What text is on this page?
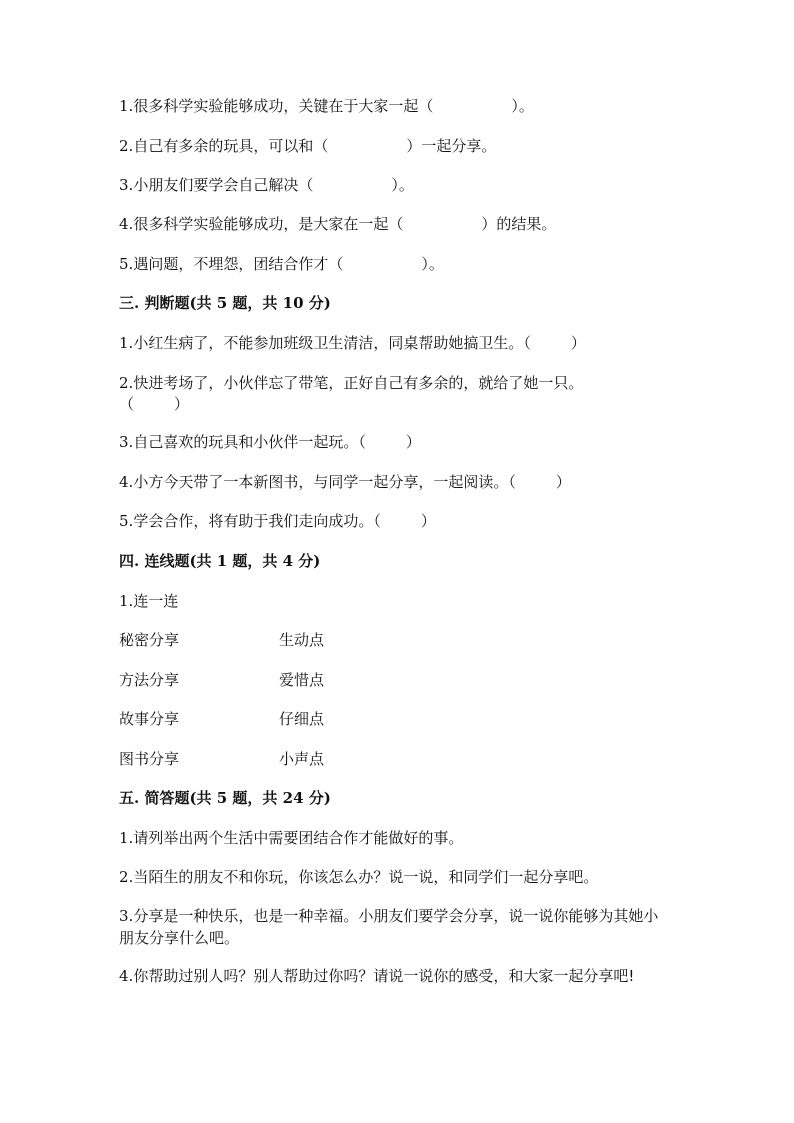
1.很多科学实验能够成功，关键在于大家一起（	）。
2.自己有多余的玩具，可以和（	）一起分享。
3.小朋友们要学会自己解决（	）。
4.很多科学实验能够成功，是大家在一起（	）的结果。
5.遇问题，不埋怨，团结合作才（	）。
三. 判断题(共 5 题，共 10 分)
1.小红生病了，不能参加班级卫生清洁，同桌帮助她搞卫生。（	）
2.快进考场了，小伙伴忘了带笔，正好自己有多余的，就给了她一只。
（	）
3.自己喜欢的玩具和小伙伴一起玩。（	）
4.小方今天带了一本新图书，与同学一起分享，一起阅读。（	）
5.学会合作，将有助于我们走向成功。（	）
四. 连线题(共 1 题，共 4 分)
1.连一连
秘密分享	生动点
方法分享	爱惜点
故事分享	仔细点
图书分享	小声点
五. 简答题(共 5 题，共 24 分)
1.请列举出两个生活中需要团结合作才能做好的事。
2.当陌生的朋友不和你玩，你该怎么办？说一说，和同学们一起分享吧。
3.分享是一种快乐，也是一种幸福。小朋友们要学会分享，说一说你能够为其她小朋友分享什么吧。
4.你帮助过别人吗？别人帮助过你吗？请说一说你的感受，和大家一起分享吧!
